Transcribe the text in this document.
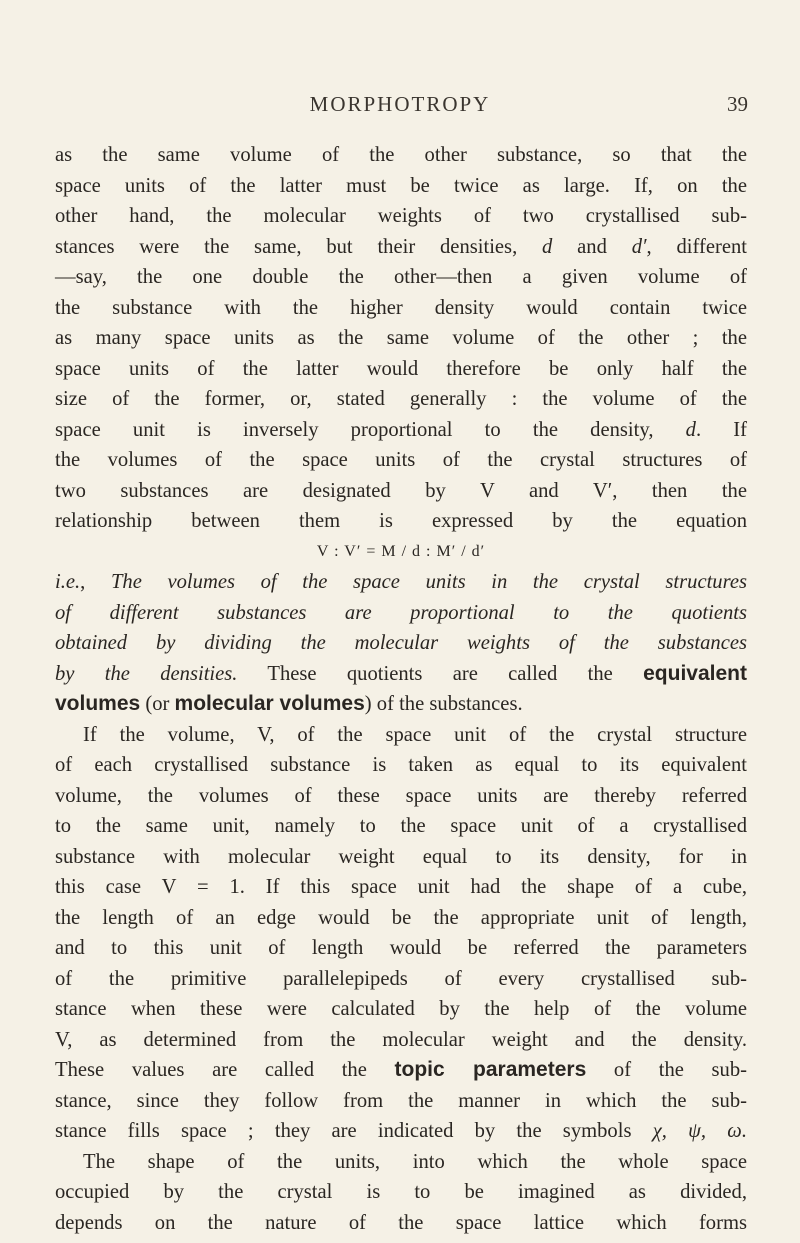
MORPHOTROPY	39
as the same volume of the other substance, so that the
space units of the latter must be twice as large. If, on the
other hand, the molecular weights of two crystallised sub-
stances were the same, but their densities, d and d′, different
—say, the one double the other—then a given volume of
the substance with the higher density would contain twice
as many space units as the same volume of the other ; the
space units of the latter would therefore be only half the
size of the former, or, stated generally : the volume of the
space unit is inversely proportional to the density, d. If
the volumes of the space units of the crystal structures of
two substances are designated by V and V′, then the
relationship between them is expressed by the equation
V : V′ = M / d : M′ / d′
i.e., The volumes of the space units in the crystal structures
of different substances are proportional to the quotients
obtained by dividing the molecular weights of the substances
by the densities. These quotients are called the equivalent
volumes (or molecular volumes) of the substances.
If the volume, V, of the space unit of the crystal structure
of each crystallised substance is taken as equal to its equivalent
volume, the volumes of these space units are thereby referred
to the same unit, namely to the space unit of a crystallised
substance with molecular weight equal to its density, for in
this case V = 1. If this space unit had the shape of a cube,
the length of an edge would be the appropriate unit of length,
and to this unit of length would be referred the parameters
of the primitive parallelepipeds of every crystallised sub-
stance when these were calculated by the help of the volume
V, as determined from the molecular weight and the density.
These values are called the topic parameters of the sub-
stance, since they follow from the manner in which the sub-
stance fills space ; they are indicated by the symbols χ, ψ, ω.
The shape of the units, into which the whole space
occupied by the crystal is to be imagined as divided,
depends on the nature of the space lattice which forms
